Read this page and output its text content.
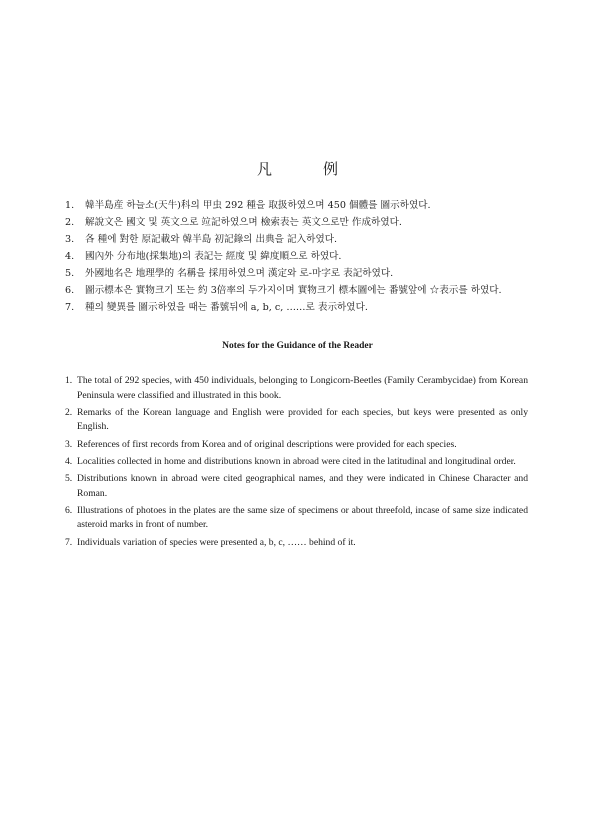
凡　例
1. 韓半島産 하늘소(天牛)科의 甲虫 292 種을 取扱하였으며 450 個體를 圖示하였다.
2. 解說文은 國文 및 英文으로 竝記하였으며 檢索表는 英文으로만 作成하였다.
3. 各 種에 對한 原記載와 韓半島 初記錄의 出典을 記入하였다.
4. 國內外 分布地(採集地)의 表記는 經度 및 緯度順으로 하였다.
5. 外國地名은 地理學的 名稱을 採用하였으며 漢定와 로-마字로 表記하였다.
6. 圖示標本은 實物크기 또는 約 3倍率의 두가지이며 實物크기 標本圖에는 番號앞에 ☆表示를 하였다.
7. 種의 變異를 圖示하였을 때는 番號뒤에 a, b, c, ……로 表示하였다.
Notes for the Guidance of the Reader
1. The total of 292 species, with 450 individuals, belonging to Longicorn-Beetles (Family Cerambycidae) from Korean Peninsula were classified and illustrated in this book.
2. Remarks of the Korean language and English were provided for each species, but keys were presented as only English.
3. References of first records from Korea and of original descriptions were provided for each species.
4. Localities collected in home and distributions known in abroad were cited in the latitudinal and longitudinal order.
5. Distributions known in abroad were cited geographical names, and they were indicated in Chinese Character and Roman.
6. Illustrations of photoes in the plates are the same size of specimens or about threefold, incase of same size indicated asteroid marks in front of number.
7. Individuals variation of species were presented a, b, c, …… behind of it.
